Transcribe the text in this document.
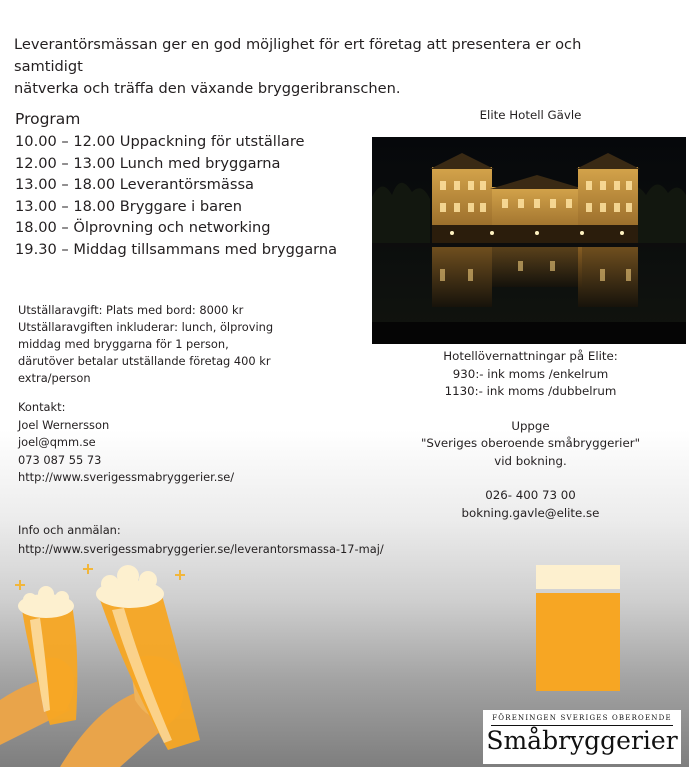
Leverantörsmässan ger en god möjlighet för ert företag att presentera er och samtidigt
nätverka och träffa den växande bryggeribranschen.
Program
10.00 – 12.00 Uppackning för utställare
12.00 – 13.00 Lunch med bryggarna
13.00 – 18.00 Leverantörsmässa
13.00 – 18.00 Bryggare i baren
18.00 – Ölprovning och networking
19.30 – Middag tillsammans med bryggarna
Utställaravgift: Plats med bord: 8000 kr
Utställaravgiften inkluderar: lunch, ölproving
middag med bryggarna för 1 person,
därutöver betalar utställande företag 400 kr
extra/person
Kontakt:
Joel Wernersson
joel@qmm.se
073 087 55 73
http://www.sverigessmabryggerier.se/
Info och anmälan:
http://www.sverigessmabryggerier.se/leverantorsmassa-17-maj/
Elite Hotell Gävle
Hotellövernattningar på Elite:
930:- ink moms /enkelrum
1130:- ink moms /dubbelrum
Uppge
"Sveriges oberoende småbryggerier"
vid bokning.
026- 400 73 00
bokning.gavle@elite.se
FÖRENINGEN SVERIGES OBEROENDE
Småbryggerier
